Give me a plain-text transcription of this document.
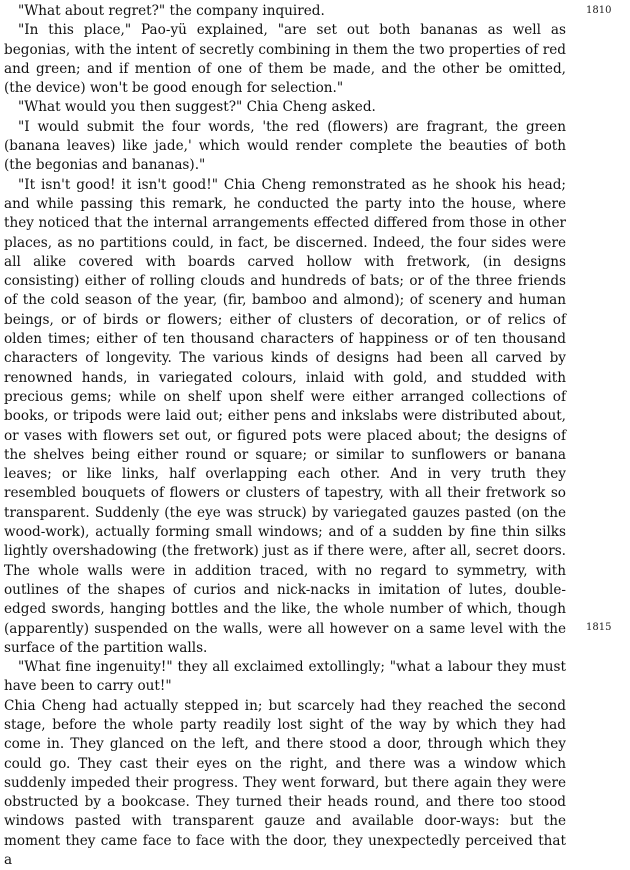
"What about regret?" the company inquired.

"In this place," Pao-yü explained, "are set out both bananas as well as begonias, with the intent of secretly combining in them the two properties of red and green; and if mention of one of them be made, and the other be omitted, (the device) won't be good enough for selection."

"What would you then suggest?" Chia Cheng asked.

"I would submit the four words, 'the red (flowers) are fragrant, the green (banana leaves) like jade,' which would render complete the beauties of both (the begonias and bananas)."

"It isn't good! it isn't good!" Chia Cheng remonstrated as he shook his head; and while passing this remark, he conducted the party into the house, where they noticed that the internal arrangements effected differed from those in other places, as no partitions could, in fact, be discerned. Indeed, the four sides were all alike covered with boards carved hollow with fretwork, (in designs consisting) either of rolling clouds and hundreds of bats; or of the three friends of the cold season of the year, (fir, bamboo and almond); of scenery and human beings, or of birds or flowers; either of clusters of decoration, or of relics of olden times; either of ten thousand characters of happiness or of ten thousand characters of longevity. The various kinds of designs had been all carved by renowned hands, in variegated colours, inlaid with gold, and studded with precious gems; while on shelf upon shelf were either arranged collections of books, or tripods were laid out; either pens and inkslabs were distributed about, or vases with flowers set out, or figured pots were placed about; the designs of the shelves being either round or square; or similar to sunflowers or banana leaves; or like links, half overlapping each other. And in very truth they resembled bouquets of flowers or clusters of tapestry, with all their fretwork so transparent. Suddenly (the eye was struck) by variegated gauzes pasted (on the wood-work), actually forming small windows; and of a sudden by fine thin silks lightly overshadowing (the fretwork) just as if there were, after all, secret doors. The whole walls were in addition traced, with no regard to symmetry, with outlines of the shapes of curios and nick-nacks in imitation of lutes, double-edged swords, hanging bottles and the like, the whole number of which, though (apparently) suspended on the walls, were all however on a same level with the surface of the partition walls.

"What fine ingenuity!" they all exclaimed extollingly; "what a labour they must have been to carry out!"

Chia Cheng had actually stepped in; but scarcely had they reached the second stage, before the whole party readily lost sight of the way by which they had come in. They glanced on the left, and there stood a door, through which they could go. They cast their eyes on the right, and there was a window which suddenly impeded their progress. They went forward, but there again they were obstructed by a bookcase. They turned their heads round, and there too stood windows pasted with transparent gauze and available door-ways: but the moment they came face to face with the door, they unexpectedly perceived that a

1810
1815
